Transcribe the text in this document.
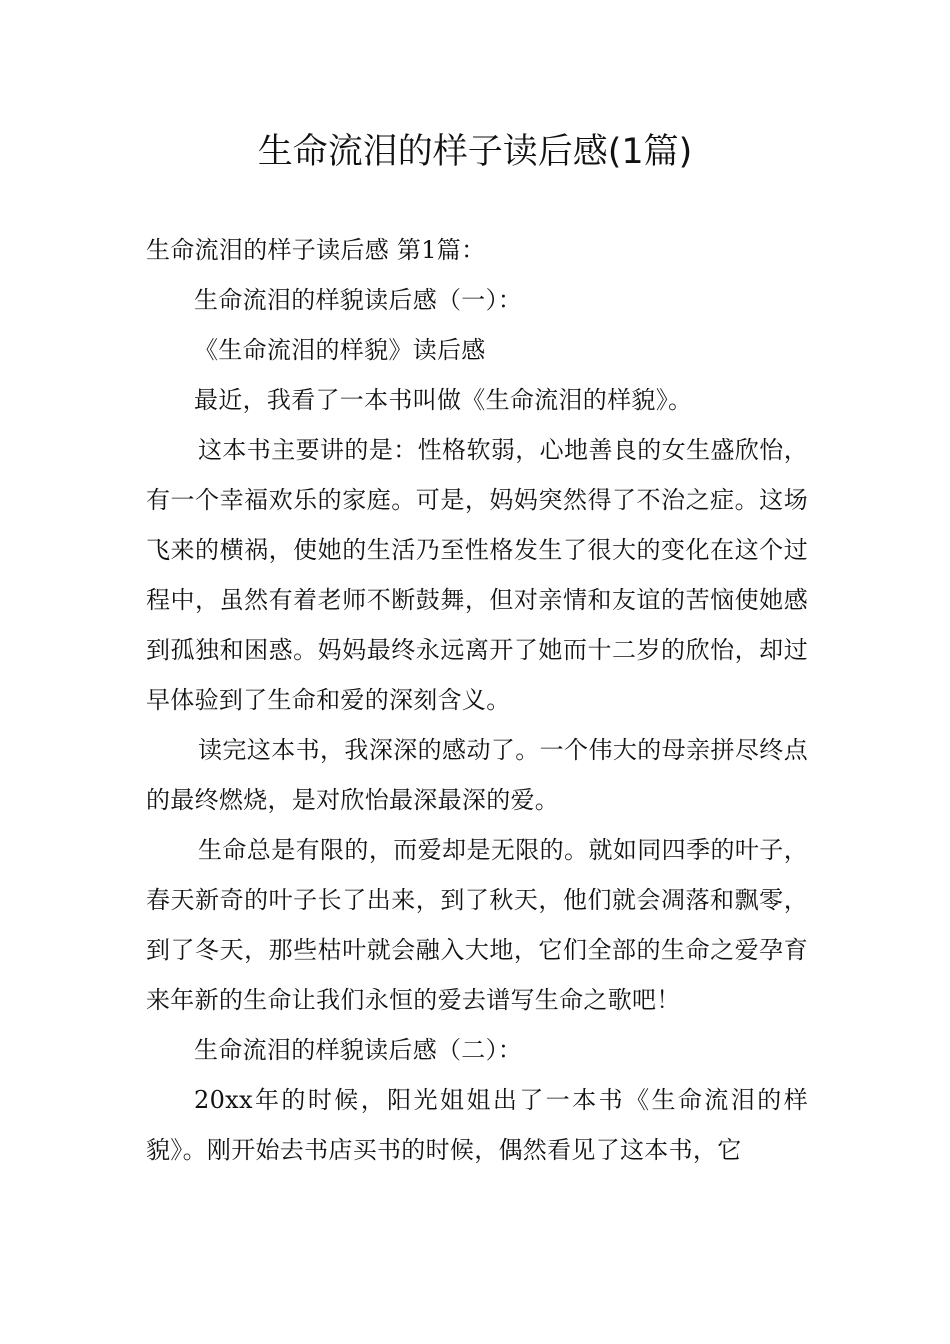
生命流泪的样子读后感(1篇)

生命流泪的样子读后感 第1篇：

生命流泪的样貌读后感（一）：

《生命流泪的样貌》读后感

最近，我看了一本书叫做《生命流泪的样貌》。

这本书主要讲的是：性格软弱，心地善良的女生盛欣怡，有一个幸福欢乐的家庭。可是，妈妈突然得了不治之症。这场飞来的横祸，使她的生活乃至性格发生了很大的变化在这个过程中，虽然有着老师不断鼓舞，但对亲情和友谊的苦恼使她感到孤独和困惑。妈妈最终永远离开了她而十二岁的欣怡，却过早体验到了生命和爱的深刻含义。

读完这本书，我深深的感动了。一个伟大的母亲拼尽终点的最终燃烧，是对欣怡最深最深的爱。

生命总是有限的，而爱却是无限的。就如同四季的叶子，春天新奇的叶子长了出来，到了秋天，他们就会凋落和飘零，到了冬天，那些枯叶就会融入大地，它们全部的生命之爱孕育来年新的生命让我们永恒的爱去谱写生命之歌吧！

生命流泪的样貌读后感（二）：

20xx年的时候，阳光姐姐出了一本书《生命流泪的样貌》。刚开始去书店买书的时候，偶然看见了这本书，它
